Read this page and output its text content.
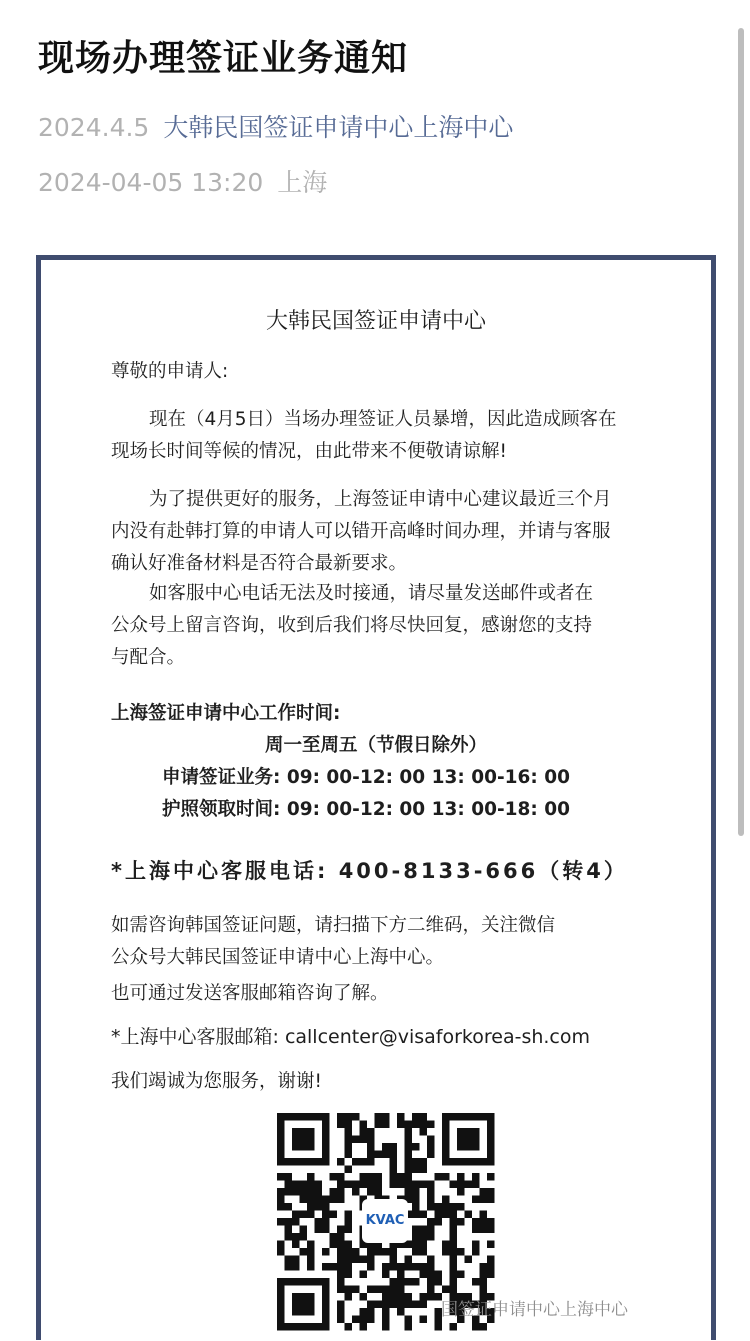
现场办理签证业务通知
2024.4.5 大韩民国签证申请中心上海中心
2024-04-05 13:20 上海
大韩民国签证申请中心
尊敬的申请人:
现在（4月5日）当场办理签证人员暴增，因此造成顾客在
现场长时间等候的情况，由此带来不便敬请谅解!
为了提供更好的服务，上海签证申请中心建议最近三个月
内没有赴韩打算的申请人可以错开高峰时间办理，并请与客服
确认好准备材料是否符合最新要求。
如客服中心电话无法及时接通，请尽量发送邮件或者在
公众号上留言咨询，收到后我们将尽快回复，感谢您的支持
与配合。
上海签证申请中心工作时间:
周一至周五（节假日除外）
申请签证业务: 09: 00-12: 00 13: 00-16: 00
护照领取时间: 09: 00-12: 00 13: 00-18: 00
*上海中心客服电话: 400-8133-666（转4）
如需咨询韩国签证问题，请扫描下方二维码，关注微信
公众号大韩民国签证申请中心上海中心。
也可通过发送客服邮箱咨询了解。
*上海中心客服邮箱: callcenter@visaforkorea-sh.com
我们竭诚为您服务，谢谢!
KVAC
国签证申请中心上海中心
